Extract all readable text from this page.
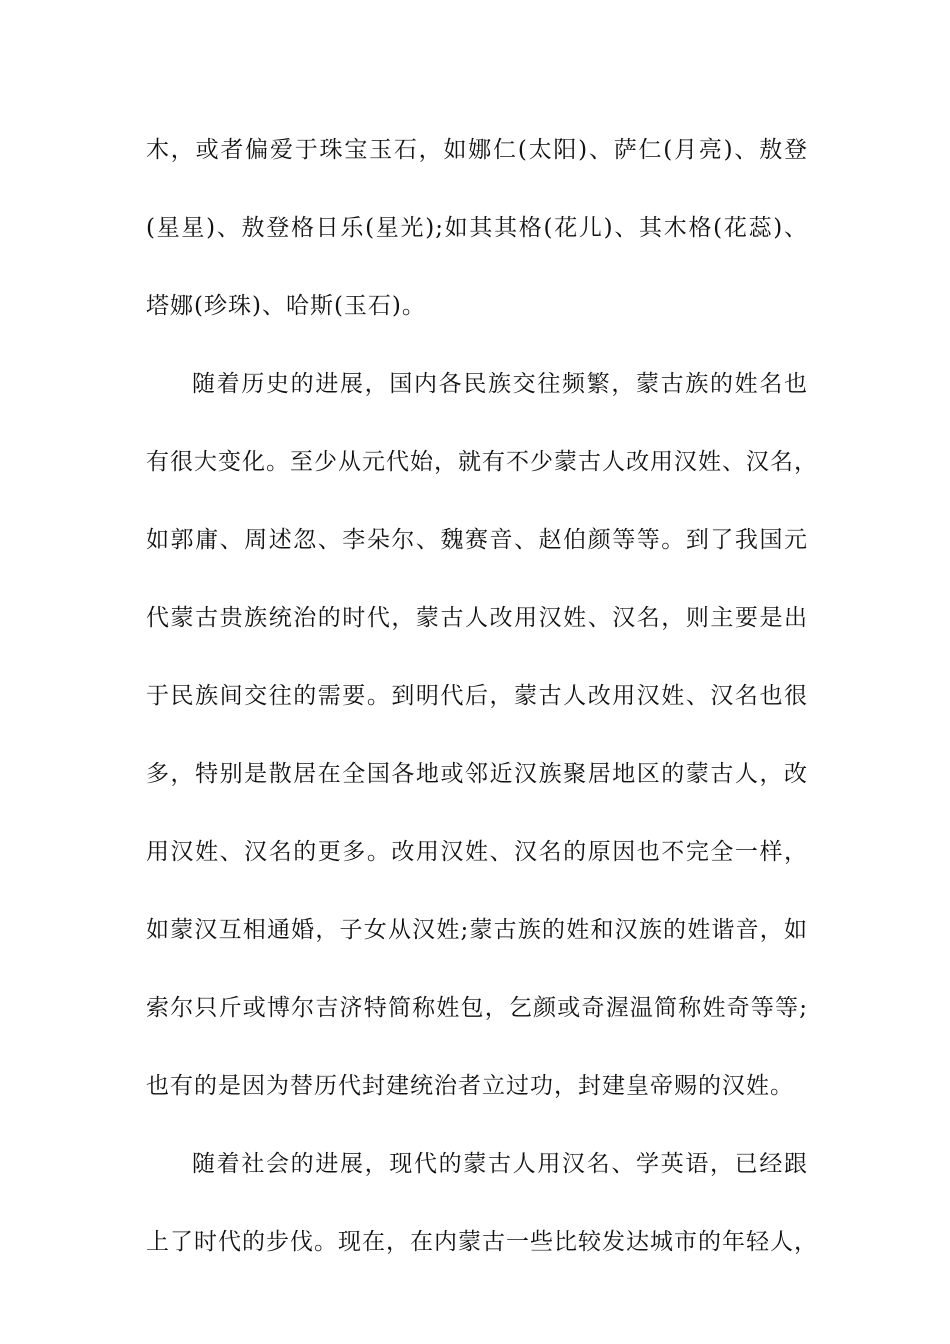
木，或者偏爱于珠宝玉石，如娜仁(太阳)、萨仁(月亮)、敖登

(星星)、敖登格日乐(星光);如其其格(花儿)、其木格(花蕊)、

塔娜(珍珠)、哈斯(玉石)。

随着历史的进展，国内各民族交往频繁，蒙古族的姓名也

有很大变化。至少从元代始，就有不少蒙古人改用汉姓、汉名，

如郭庸、周述忽、李朵尔、魏赛音、赵伯颜等等。到了我国元

代蒙古贵族统治的时代，蒙古人改用汉姓、汉名，则主要是出

于民族间交往的需要。到明代后，蒙古人改用汉姓、汉名也很

多，特别是散居在全国各地或邻近汉族聚居地区的蒙古人，改

用汉姓、汉名的更多。改用汉姓、汉名的原因也不完全一样，

如蒙汉互相通婚，子女从汉姓;蒙古族的姓和汉族的姓谐音，如

索尔只斤或博尔吉济特简称姓包，乞颜或奇渥温简称姓奇等等;

也有的是因为替历代封建统治者立过功，封建皇帝赐的汉姓。

随着社会的进展，现代的蒙古人用汉名、学英语，已经跟

上了时代的步伐。现在，在内蒙古一些比较发达城市的年轻人，
